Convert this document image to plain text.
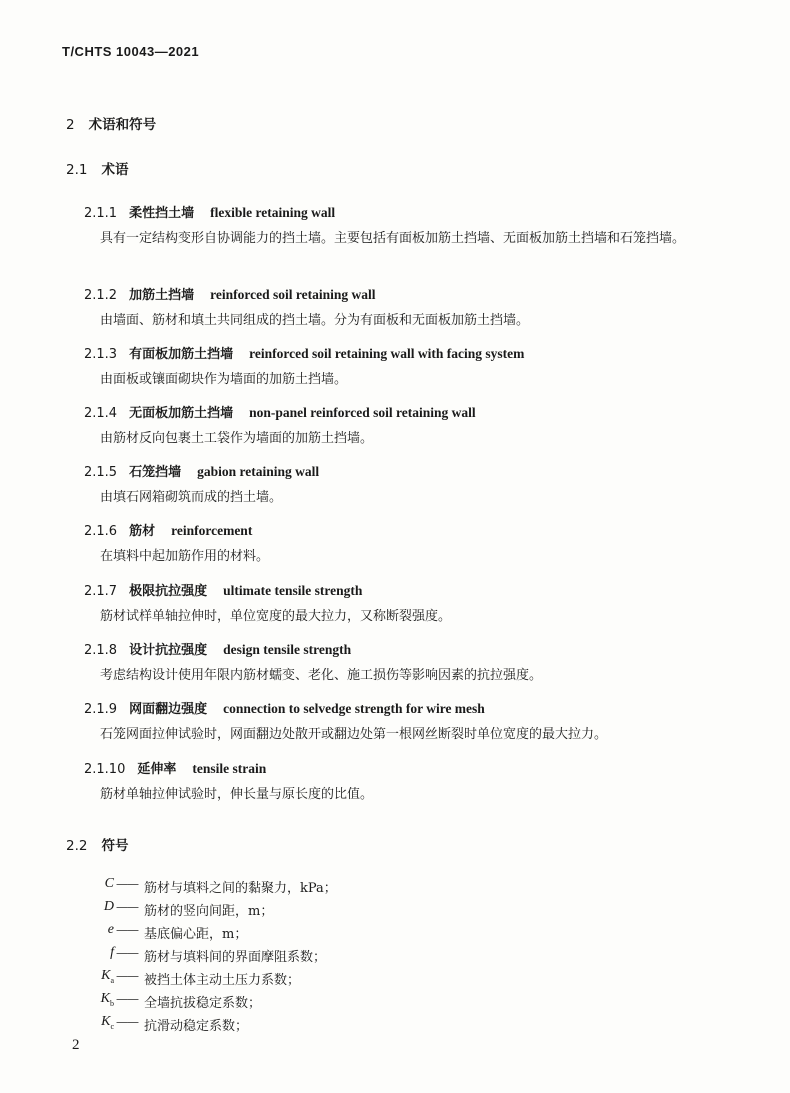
T/CHTS 10043—2021
2 术语和符号
2.1 术语
2.1.1 柔性挡土墙 flexible retaining wall
具有一定结构变形自协调能力的挡土墙。主要包括有面板加筋土挡墙、无面板加筋土挡墙和石笼挡墙。
2.1.2 加筋土挡墙 reinforced soil retaining wall
由墙面、筋材和填土共同组成的挡土墙。分为有面板和无面板加筋土挡墙。
2.1.3 有面板加筋土挡墙 reinforced soil retaining wall with facing system
由面板或镶面砌块作为墙面的加筋土挡墙。
2.1.4 无面板加筋土挡墙 non-panel reinforced soil retaining wall
由筋材反向包裹土工袋作为墙面的加筋土挡墙。
2.1.5 石笼挡墙 gabion retaining wall
由填石网箱砌筑而成的挡土墙。
2.1.6 筋材 reinforcement
在填料中起加筋作用的材料。
2.1.7 极限抗拉强度 ultimate tensile strength
筋材试样单轴拉伸时，单位宽度的最大拉力，又称断裂强度。
2.1.8 设计抗拉强度 design tensile strength
考虑结构设计使用年限内筋材蠕变、老化、施工损伤等影响因素的抗拉强度。
2.1.9 网面翻边强度 connection to selvedge strength for wire mesh
石笼网面拉伸试验时，网面翻边处散开或翻边处第一根网丝断裂时单位宽度的最大拉力。
2.1.10 延伸率 tensile strain
筋材单轴拉伸试验时，伸长量与原长度的比值。
2.2 符号
C —— 筋材与填料之间的黏聚力，kPa；
D —— 筋材的竖向间距，m；
e —— 基底偏心距，m；
f —— 筋材与填料间的界面摩阻系数；
$K_a$ —— 被挡土体主动土压力系数；
$K_b$ —— 全墙抗拔稳定系数；
$K_c$ —— 抗滑动稳定系数；
2
